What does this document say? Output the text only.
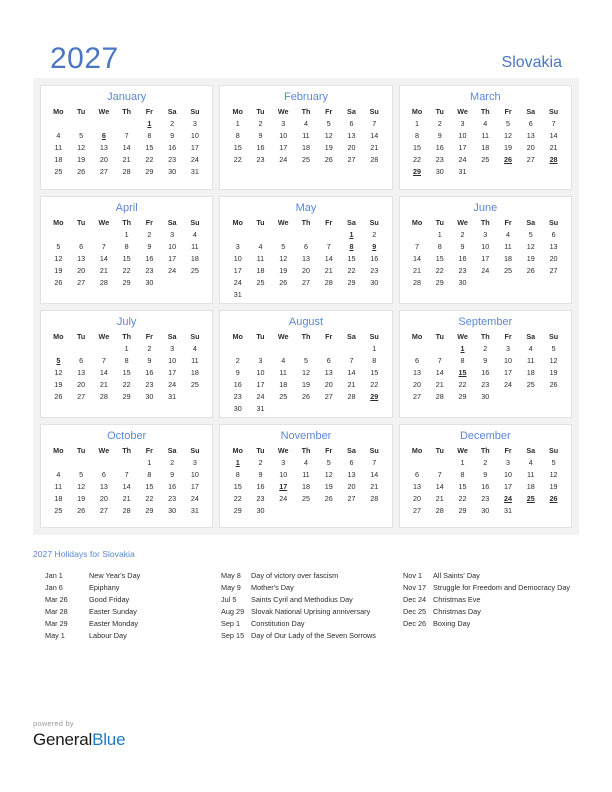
2027	Slovakia
January
Mo	Tu	We	Th	Fr	Sa	Su
				1	2	3
4	5	6	7	8	9	10
11	12	13	14	15	16	17
18	19	20	21	22	23	24
25	26	27	28	29	30	31
February
Mo	Tu	We	Th	Fr	Sa	Su
1	2	3	4	5	6	7
8	9	10	11	12	13	14
15	16	17	18	19	20	21
22	23	24	25	26	27	28
March
Mo	Tu	We	Th	Fr	Sa	Su
1	2	3	4	5	6	7
8	9	10	11	12	13	14
15	16	17	18	19	20	21
22	23	24	25	26	27	28
29	30	31				
April
Mo	Tu	We	Th	Fr	Sa	Su
			1	2	3	4
5	6	7	8	9	10	11
12	13	14	15	16	17	18
19	20	21	22	23	24	25
26	27	28	29	30		
May
Mo	Tu	We	Th	Fr	Sa	Su
					1	2
3	4	5	6	7	8	9
10	11	12	13	14	15	16
17	18	19	20	21	22	23
24	25	26	27	28	29	30
31						
June
Mo	Tu	We	Th	Fr	Sa	Su
	1	2	3	4	5	6
7	8	9	10	11	12	13
14	15	16	17	18	19	20
21	22	23	24	25	26	27
28	29	30				
July
Mo	Tu	We	Th	Fr	Sa	Su
			1	2	3	4
5	6	7	8	9	10	11
12	13	14	15	16	17	18
19	20	21	22	23	24	25
26	27	28	29	30	31	
August
Mo	Tu	We	Th	Fr	Sa	Su
						1
2	3	4	5	6	7	8
9	10	11	12	13	14	15
16	17	18	19	20	21	22
23	24	25	26	27	28	29
30	31					
September
Mo	Tu	We	Th	Fr	Sa	Su
		1	2	3	4	5
6	7	8	9	10	11	12
13	14	15	16	17	18	19
20	21	22	23	24	25	26
27	28	29	30			
October
Mo	Tu	We	Th	Fr	Sa	Su
				1	2	3
4	5	6	7	8	9	10
11	12	13	14	15	16	17
18	19	20	21	22	23	24
25	26	27	28	29	30	31
November
Mo	Tu	We	Th	Fr	Sa	Su
1	2	3	4	5	6	7
8	9	10	11	12	13	14
15	16	17	18	19	20	21
22	23	24	25	26	27	28
29	30					
December
Mo	Tu	We	Th	Fr	Sa	Su
		1	2	3	4	5
6	7	8	9	10	11	12
13	14	15	16	17	18	19
20	21	22	23	24	25	26
27	28	29	30	31		
2027 Holidays for Slovakia
Jan 1	New Year's Day
Jan 6	Epiphany
Mar 26	Good Friday
Mar 28	Easter Sunday
Mar 29	Easter Monday
May 1	Labour Day
May 8	Day of victory over fascism
May 9	Mother's Day
Jul 5	Saints Cyril and Methodius Day
Aug 29 Slovak National Uprising anniversary
Sep 1	Constitution Day
Sep 15 Day of Our Lady of the Seven Sorrows
Nov 1	All Saints' Day
Nov 17 Struggle for Freedom and Democracy Day
Dec 24 Christmas Eve
Dec 25 Christmas Day
Dec 26 Boxing Day
powered by
GeneralBlue
